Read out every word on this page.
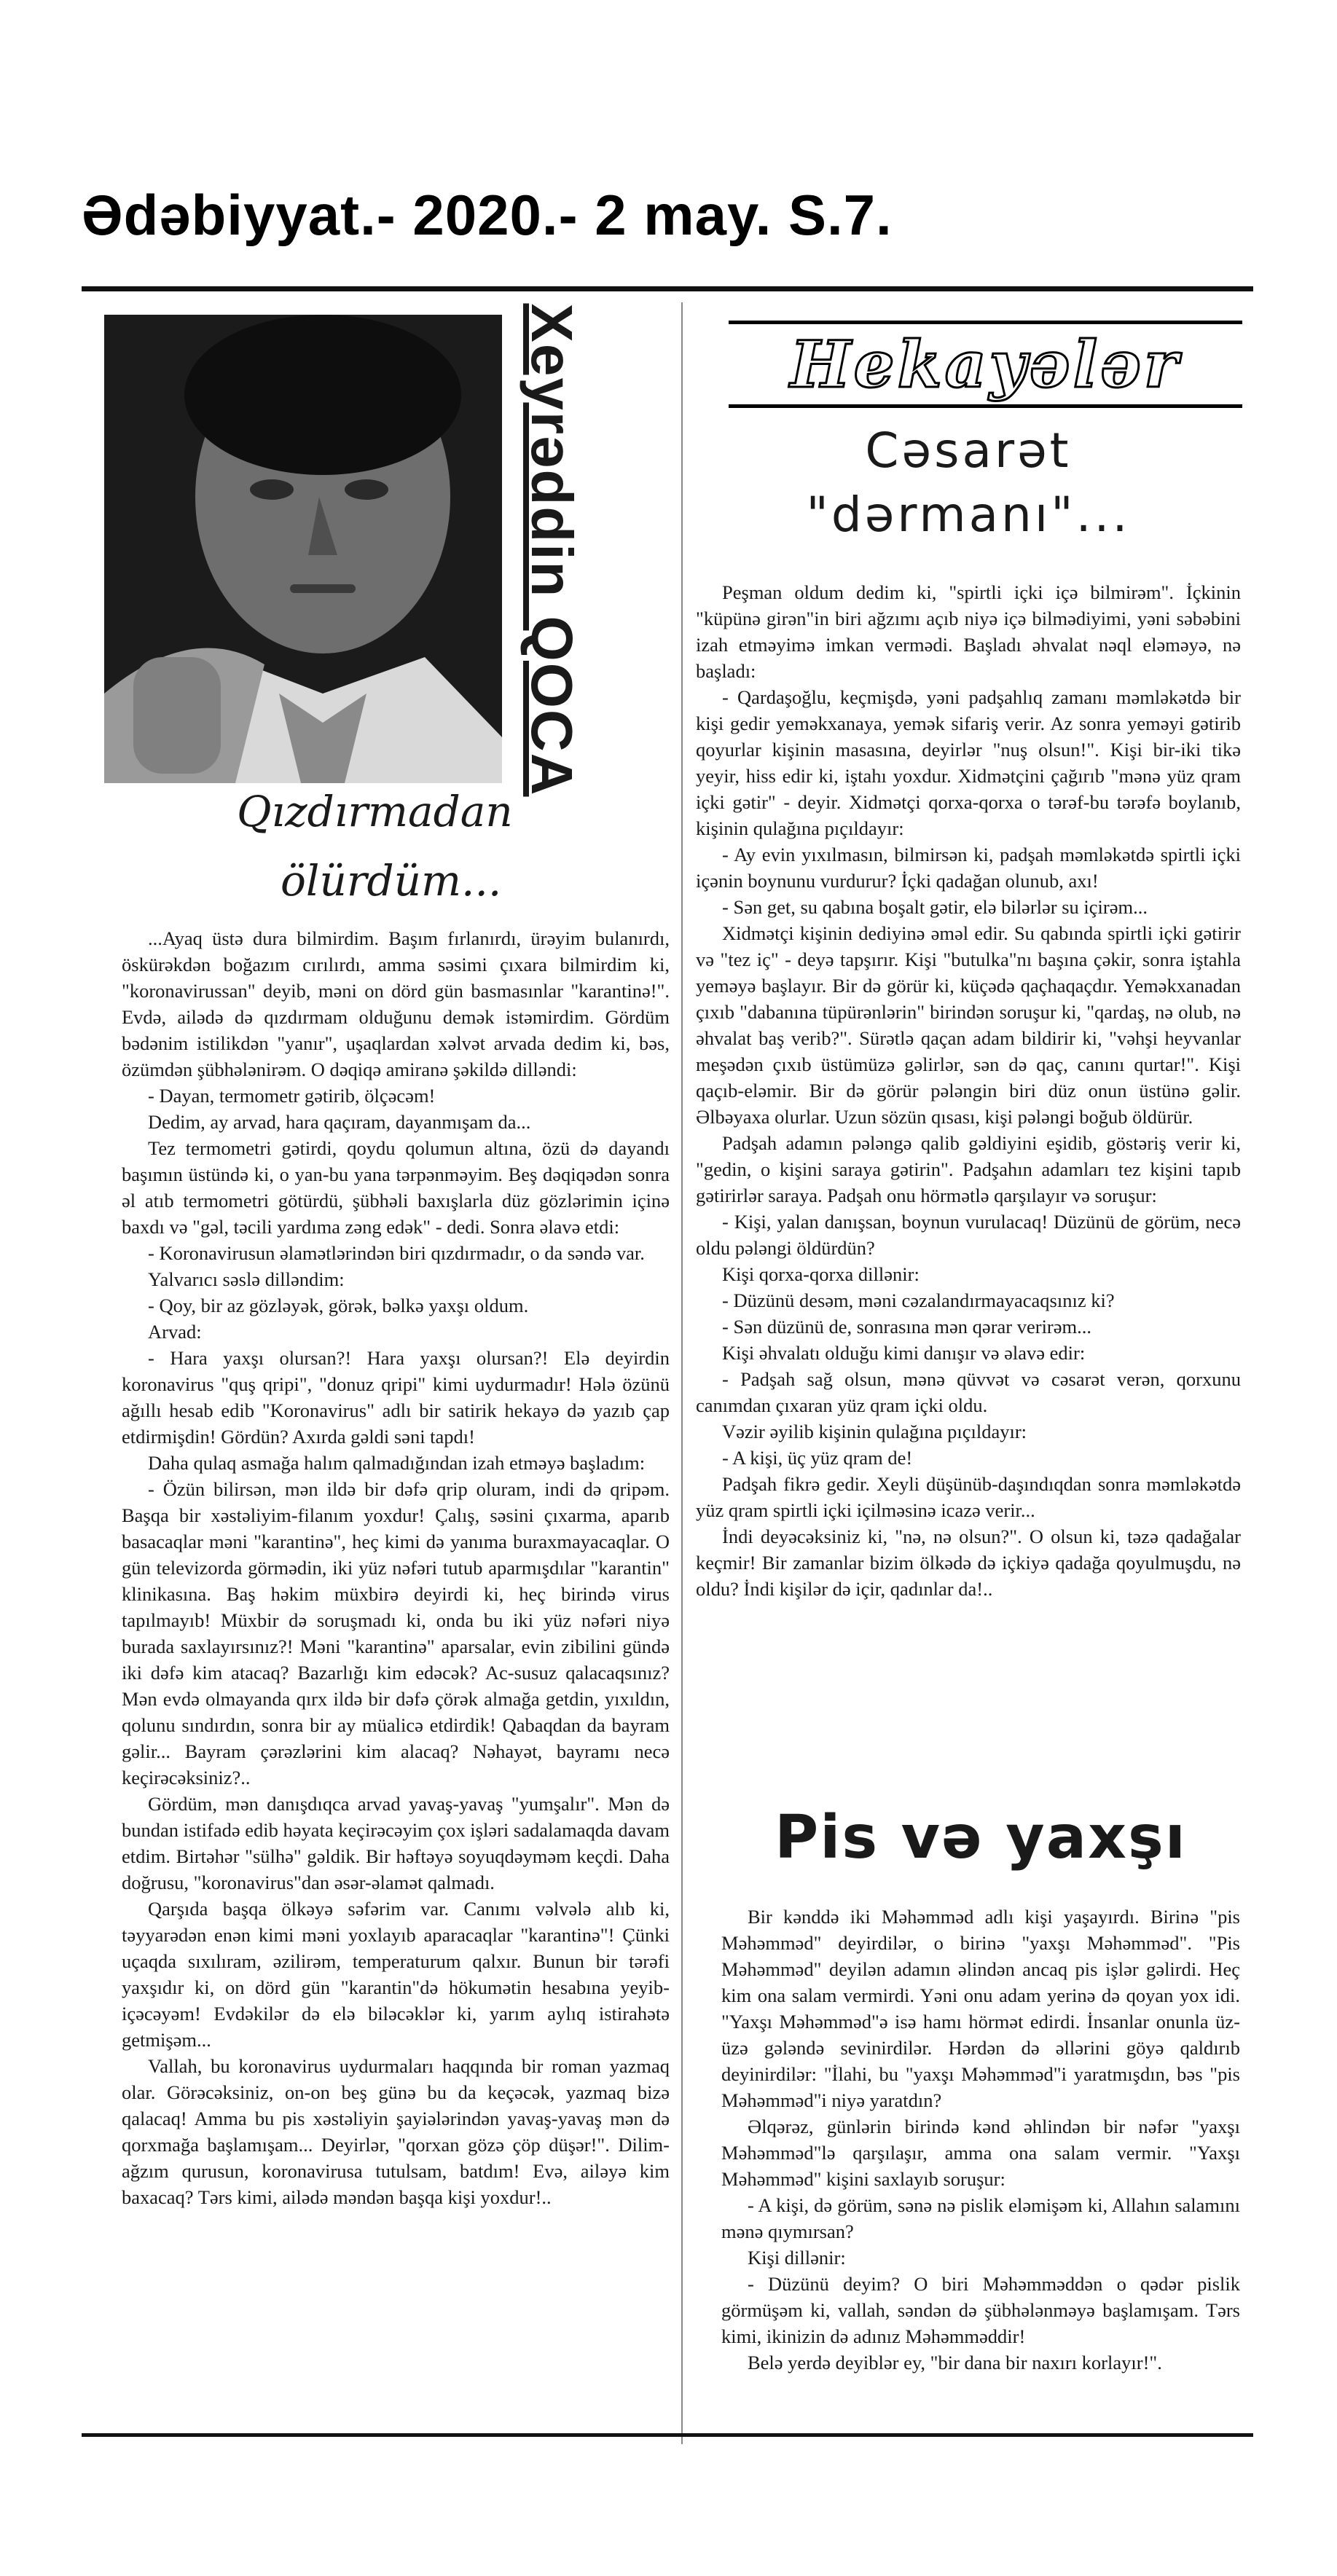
Ədəbiyyat.- 2020.- 2 may. S.7.
Xeyrəddin QOCA
Qızdırmadan
ölürdüm...

...Ayaq üstə dura bilmirdim. Başım fırlanırdı, ürəyim bulanırdı, öskürəkdən boğazım cırılırdı, amma səsimi çıxara bilmirdim ki, "koronavirussan" deyib, məni on dörd gün basmasınlar "karantinə!". Evdə, ailədə də qızdırmam olduğunu demək istəmirdim. Gördüm bədənim istilikdən "yanır", uşaqlardan xəlvət arvada dedim ki, bəs, özümdən şübhələnirəm. O dəqiqə amiranə şəkildə dilləndi:

- Dayan, termometr gətirib, ölçəcəm!

Dedim, ay arvad, hara qaçıram, dayanmışam da...

Tez termometri gətirdi, qoydu qolumun altına, özü də dayandı başımın üstündə ki, o yan-bu yana tərpənməyim. Beş dəqiqədən sonra əl atıb termometri götürdü, şübhəli baxışlarla düz gözlərimin içinə baxdı və "gəl, təcili yardıma zəng edək" - dedi. Sonra əlavə etdi:

- Koronavirusun əlamətlərindən biri qızdırmadır, o da səndə var.

Yalvarıcı səslə dilləndim:

- Qoy, bir az gözləyək, görək, bəlkə yaxşı oldum.

Arvad:

- Hara yaxşı olursan?! Hara yaxşı olursan?! Elə deyirdin koronavirus "quş qripi", "donuz qripi" kimi uydurmadır! Hələ özünü ağıllı hesab edib "Koronavirus" adlı bir satirik hekayə də yazıb çap etdirmişdin! Gördün? Axırda gəldi səni tapdı!

Daha qulaq asmağa halım qalmadığından izah etməyə başladım:

- Özün bilirsən, mən ildə bir dəfə qrip oluram, indi də qripəm. Başqa bir xəstəliyim-filanım yoxdur! Çalış, səsini çıxarma, aparıb basacaqlar məni "karantinə", heç kimi də yanıma buraxmayacaqlar. O gün televizorda görmədin, iki yüz nəfəri tutub aparmışdılar "karantin" klinikasına. Baş həkim müxbirə deyirdi ki, heç birində virus tapılmayıb! Müxbir də soruşmadı ki, onda bu iki yüz nəfəri niyə burada saxlayırsınız?! Məni "karantinə" aparsalar, evin zibilini gündə iki dəfə kim atacaq? Bazarlığı kim edəcək? Ac-susuz qalacaqsınız? Mən evdə olmayanda qırx ildə bir dəfə çörək almağa getdin, yıxıldın, qolunu sındırdın, sonra bir ay müalicə etdirdik! Qabaqdan da bayram gəlir... Bayram çərəzlərini kim alacaq? Nəhayət, bayramı necə keçirəcəksiniz?..

Gördüm, mən danışdıqca arvad yavaş-yavaş "yumşalır". Mən də bundan istifadə edib həyata keçirəcəyim çox işləri sadalamaqda davam etdim. Birtəhər "sülhə" gəldik. Bir həftəyə soyuqdəymәm keçdi. Daha doğrusu, "koronavirus"dan əsər-əlamət qalmadı.

Qarşıda başqa ölkəyə səfərim var. Canımı vəlvələ alıb ki, təyyarədən enən kimi məni yoxlayıb aparacaqlar "karantinə"! Çünki uçaqda sıxılıram, əzilirəm, temperaturum qalxır. Bunun bir tərəfi yaxşıdır ki, on dörd gün "karantin"də hökumətin hesabına yeyib-içəcəyəm! Evdəkilər də elə biləcəklər ki, yarım aylıq istirahətə getmişəm...

Vallah, bu koronavirus uydurmaları haqqında bir roman yazmaq olar. Görəcəksiniz, on-on beş günə bu da keçəcək, yazmaq bizə qalacaq! Amma bu pis xəstəliyin şayiələrindən yavaş-yavaş mən də qorxmağa başlamışam... Deyirlər, "qorxan gözə çöp düşər!". Dilim-ağzım qurusun, koronavirusa tutulsam, batdım! Evə, ailəyə kim baxacaq? Tərs kimi, ailədə məndən başqa kişi yoxdur!..

Hekayələr
Cəsarət
"dərmanı"...

Peşman oldum dedim ki, "spirtli içki içə bilmirəm". İçkinin "küpünə girən"in biri ağzımı açıb niyə içə bilmədiyimi, yəni səbəbini izah etməyimə imkan vermədi. Başladı əhvalat nəql eləməyə, nə başladı:

- Qardaşoğlu, keçmişdə, yəni padşahlıq zamanı məmləkətdə bir kişi gedir yeməkxanaya, yemək sifariş verir. Az sonra yeməyi gətirib qoyurlar kişinin masasına, deyirlər "nuş olsun!". Kişi bir-iki tikə yeyir, hiss edir ki, iştahı yoxdur. Xidmətçini çağırıb "mənə yüz qram içki gətir" - deyir. Xidmətçi qorxa-qorxa o tərəf-bu tərəfə boylanıb, kişinin qulağına pıçıldayır:

- Ay evin yıxılmasın, bilmirsən ki, padşah məmləkətdə spirtli içki içənin boynunu vurdurur? İçki qadağan olunub, axı!

- Sən get, su qabına boşalt gətir, elə bilərlər su içirəm...

Xidmətçi kişinin dediyinə əməl edir. Su qabında spirtli içki gətirir və "tez iç" - deyə tapşırır. Kişi "butulka"nı başına çəkir, sonra iştahla yeməyə başlayır. Bir də görür ki, küçədə qaçhaqaçdır. Yeməkxanadan çıxıb "dabanına tüpürənlərin" birindən soruşur ki, "qardaş, nə olub, nə əhvalat baş verib?". Sürətlə qaçan adam bildirir ki, "vəhşi heyvanlar meşədən çıxıb üstümüzə gəlirlər, sən də qaç, canını qurtar!". Kişi qaçıb-eləmir. Bir də görür pələngin biri düz onun üstünə gəlir. Əlbəyaxa olurlar. Uzun sözün qısası, kişi pələngi boğub öldürür.

Padşah adamın pələngə qalib gəldiyini eşidib, göstəriş verir ki, "gedin, o kişini saraya gətirin". Padşahın adamları tez kişini tapıb gətirirlər saraya. Padşah onu hörmətlə qarşılayır və soruşur:

- Kişi, yalan danışsan, boynun vurulacaq! Düzünü de görüm, necə oldu pələngi öldürdün?

Kişi qorxa-qorxa dillənir:

- Düzünü desəm, məni cəzalandırmayacaqsınız ki?

- Sən düzünü de, sonrasına mən qərar verirəm...

Kişi əhvalatı olduğu kimi danışır və əlavə edir:

- Padşah sağ olsun, mənə qüvvət və cəsarət verən, qorxunu canımdan çıxaran yüz qram içki oldu.

Vəzir əyilib kişinin qulağına pıçıldayır:

- A kişi, üç yüz qram de!

Padşah fikrə gedir. Xeyli düşünüb-daşındıqdan sonra məmləkətdə yüz qram spirtli içki içilməsinə icazə verir...

İndi deyəcəksiniz ki, "nə, nə olsun?". O olsun ki, təzə qadağalar keçmir! Bir zamanlar bizim ölkədə də içkiyə qadağa qoyulmuşdu, nə oldu? İndi kişilər də içir, qadınlar da!..

Pis və yaxşı

Bir kənddə iki Məhəmməd adlı kişi yaşayırdı. Birinə "pis Məhəmməd" deyirdilər, o birinə "yaxşı Məhəmməd". "Pis Məhəmməd" deyilən adamın əlindən ancaq pis işlər gəlirdi. Heç kim ona salam vermirdi. Yəni onu adam yerinə də qoyan yox idi. "Yaxşı Məhəmməd"ə isə hamı hörmət edirdi. İnsanlar onunla üz-üzə gələndə sevinirdilər. Hərdən də əllərini göyə qaldırıb deyinirdilər: "İlahi, bu "yaxşı Məhəmməd"i yaratmışdın, bəs "pis Məhəmməd"i niyə yaratdın?

Əlqərəz, günlərin birində kənd əhlindən bir nəfər "yaxşı Məhəmməd"lə qarşılaşır, amma ona salam vermir. "Yaxşı Məhəmməd" kişini saxlayıb soruşur:

- A kişi, də görüm, sənə nə pislik eləmişəm ki, Allahın salamını mənə qıymırsan?

Kişi dillənir:

- Düzünü deyim? O biri Məhəmməddən o qədər pislik görmüşəm ki, vallah, səndən də şübhələnməyə başlamışam. Tərs kimi, ikinizin də adınız Məhəmməddir!

Belə yerdə deyiblər ey, "bir dana bir naxırı korlayır!".
